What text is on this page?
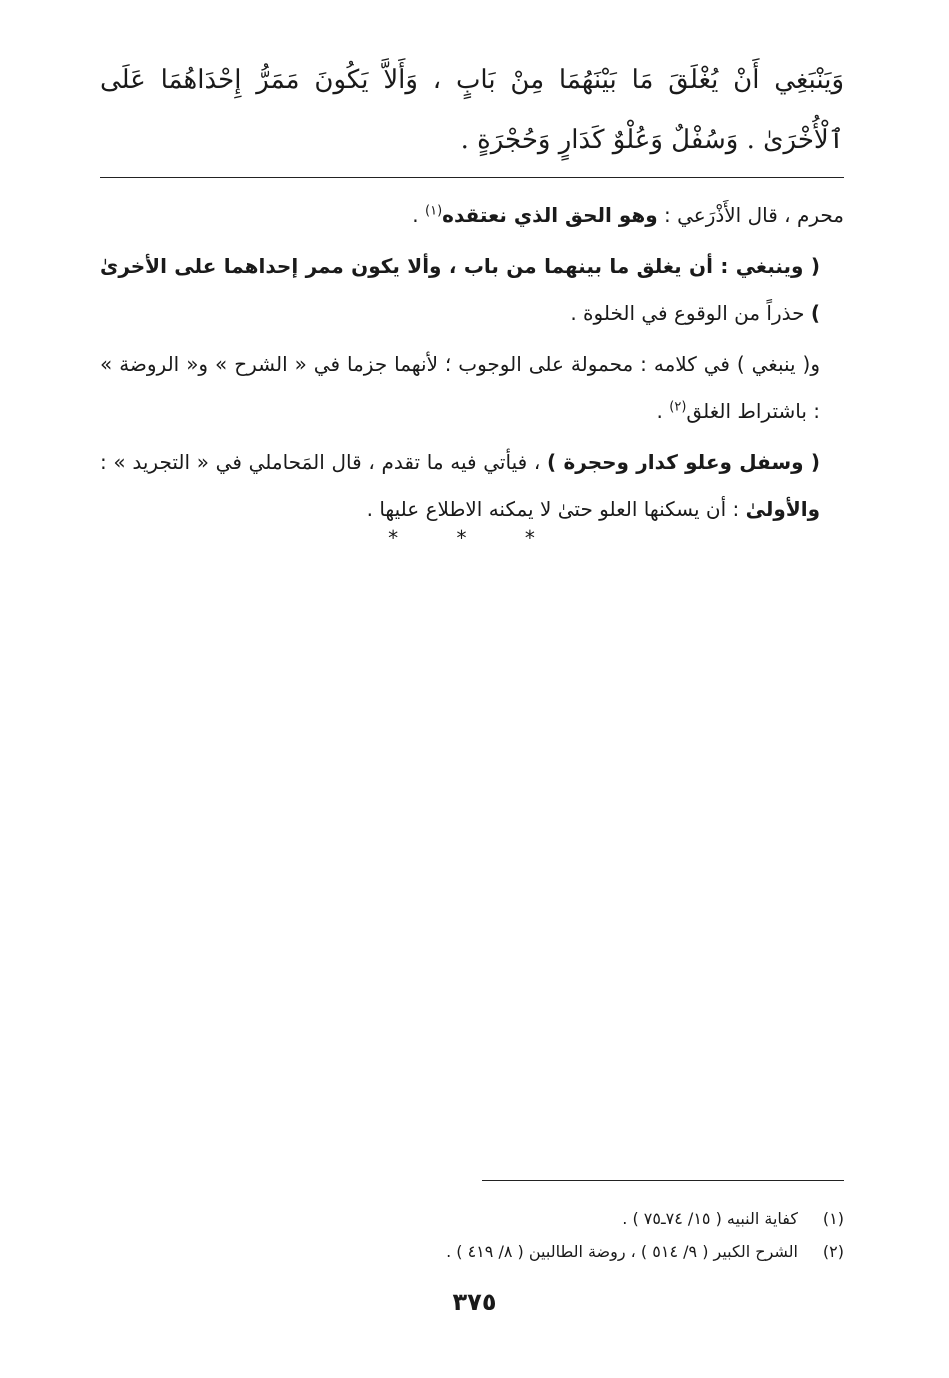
وَيَنْبَغِي أَنْ يُغْلَقَ مَا بَيْنَهُمَا مِنْ بَابٍ ، وَأَلاَّ يَكُونَ مَمَرُّ إِحْدَاهُمَا عَلَى ٱلْأُخْرَىٰ . وَسُفْلٌ وَعُلْوٌ كَدَارٍ وَحُجْرَةٍ .

محرم ، قال الأَذْرَعي : وهو الحق الذي نعتقده$^{(١)}$ .

( وينبغي : أن يغلق ما بينهما من باب ، وألا يكون ممر إحداهما على الأخرىٰ ) حذراً من الوقوع في الخلوة .

و( ينبغي ) في كلامه : محمولة على الوجوب ؛ لأنهما جزما في « الشرح » و« الروضة » : باشتراط الغلق$^{(٢)}$ .

( وسفل وعلو كدار وحجرة ) ، فيأتي فيه ما تقدم ، قال المَحاملي في « التجريد » : والأولىٰ : أن يسكنها العلو حتىٰ لا يمكنه الاطلاع عليها .

* * *
(١)كفاية النبيه ( ١٥/ ٧٤ـ٧٥ ) .
(٢)الشرح الكبير ( ٩/ ٥١٤ ) ، روضة الطالبين ( ٨/ ٤١٩ ) .
٣٧٥
